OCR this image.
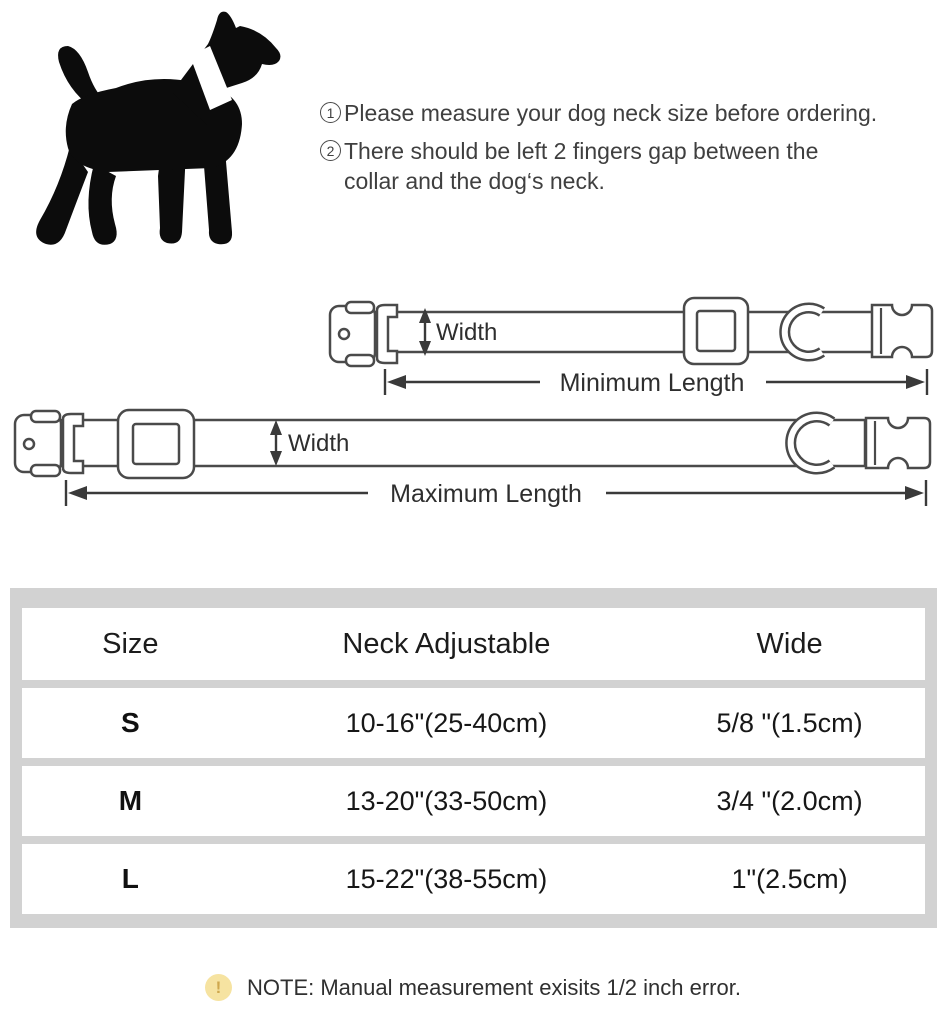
1 Please measure your dog neck size before ordering.
2 There should be left 2 fingers gap between the
collar and the dog‘s neck.
Width
Minimum Length
Width
Maximum Length
Size	Neck Adjustable	Wide
S	10-16"(25-40cm)	5/8 "(1.5cm)
M	13-20"(33-50cm)	3/4 "(2.0cm)
L	15-22"(38-55cm)	1"(2.5cm)
!	NOTE: Manual measurement exisits 1/2 inch error.
